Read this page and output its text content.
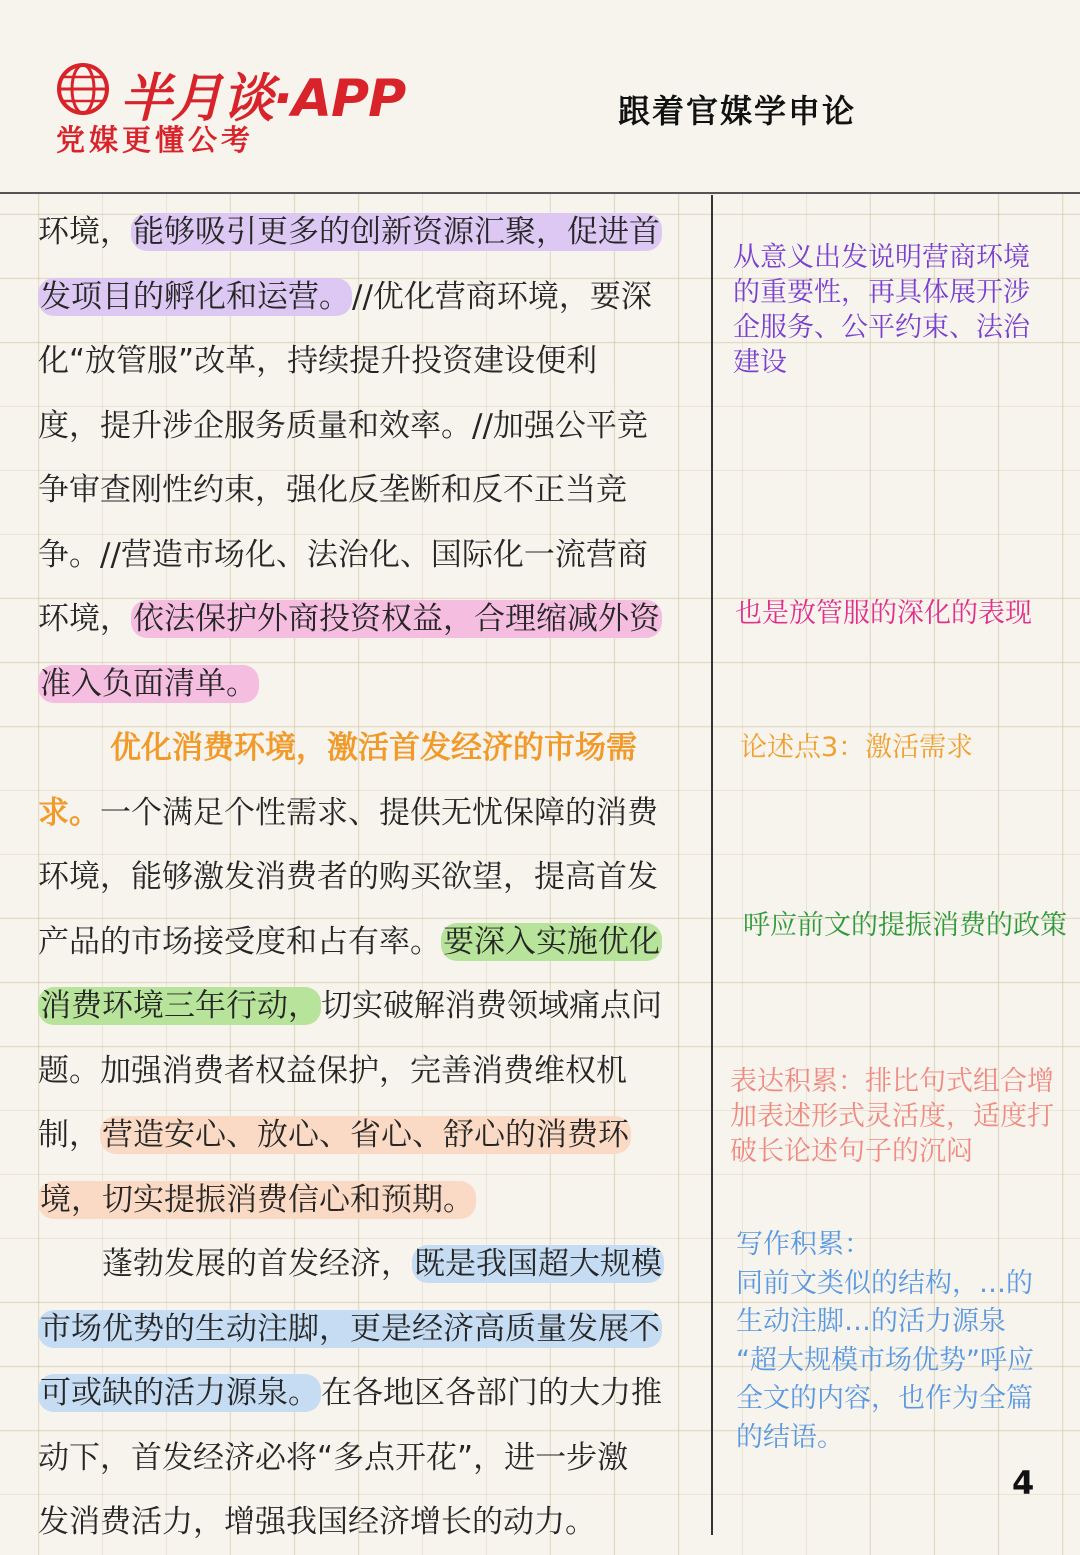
半月谈·APP
党媒更懂公考
跟着官媒学申论
环境，能够吸引更多的创新资源汇聚，促进首
发项目的孵化和运营。//优化营商环境，要深
化“放管服”改革，持续提升投资建设便利
度，提升涉企服务质量和效率。//加强公平竞
争审查刚性约束，强化反垄断和反不正当竞
争。//营造市场化、法治化、国际化一流营商
环境，依法保护外商投资权益，合理缩减外资
准入负面清单。
优化消费环境，激活首发经济的市场需
求。一个满足个性需求、提供无忧保障的消费
环境，能够激发消费者的购买欲望，提高首发
产品的市场接受度和占有率。要深入实施优化
消费环境三年行动，切实破解消费领域痛点问
题。加强消费者权益保护，完善消费维权机
制，营造安心、放心、省心、舒心的消费环
境，切实提振消费信心和预期。
蓬勃发展的首发经济，既是我国超大规模
市场优势的生动注脚，更是经济高质量发展不
可或缺的活力源泉。在各地区各部门的大力推
动下，首发经济必将“多点开花”，进一步激
发消费活力，增强我国经济增长的动力。
从意义出发说明营商环境的重要性，再具体展开涉企服务、公平约束、法治建设
也是放管服的深化的表现
论述点3：激活需求
呼应前文的提振消费的政策
表达积累：排比句式组合增加表述形式灵活度，适度打破长论述句子的沉闷

写作积累：

同前文类似的结构，…的生动注脚…的活力源泉

“超大规模市场优势”呼应全文的内容，也作为全篇的结语。

4
